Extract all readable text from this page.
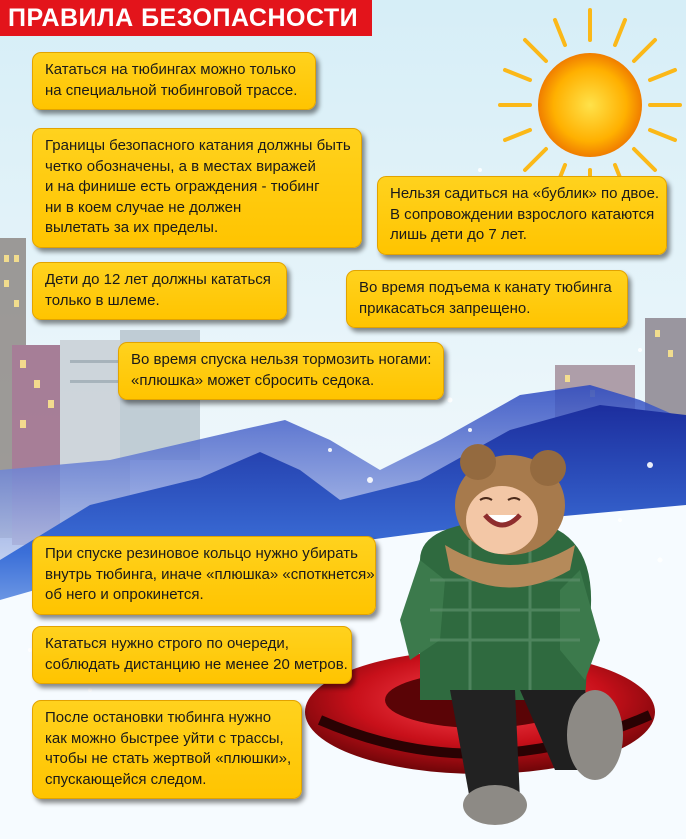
ПРАВИЛА БЕЗОПАСНОСТИ
Кататься на тюбингах можно только
на специальной тюбинговой трассе.
Границы безопасного катания должны быть
четко обозначены, а в местах виражей
и на финише есть ограждения - тюбинг
ни в коем случае не должен
вылетать за их пределы.
Нельзя садиться на «бублик» по двое.
В сопровождении взрослого катаются
лишь дети до 7 лет.
Дети до 12 лет должны кататься
только в шлеме.
Во время подъема к канату тюбинга
прикасаться запрещено.
Во время спуска нельзя тормозить ногами:
«плюшка» может сбросить седока.
При спуске резиновое кольцо нужно убирать
внутрь тюбинга, иначе «плюшка» «споткнется»
об него и опрокинется.
Кататься нужно строго по очереди,
соблюдать дистанцию не менее 20 метров.
После остановки тюбинга нужно
как можно быстрее уйти с трассы,
чтобы не стать жертвой «плюшки»,
спускающейся следом.
